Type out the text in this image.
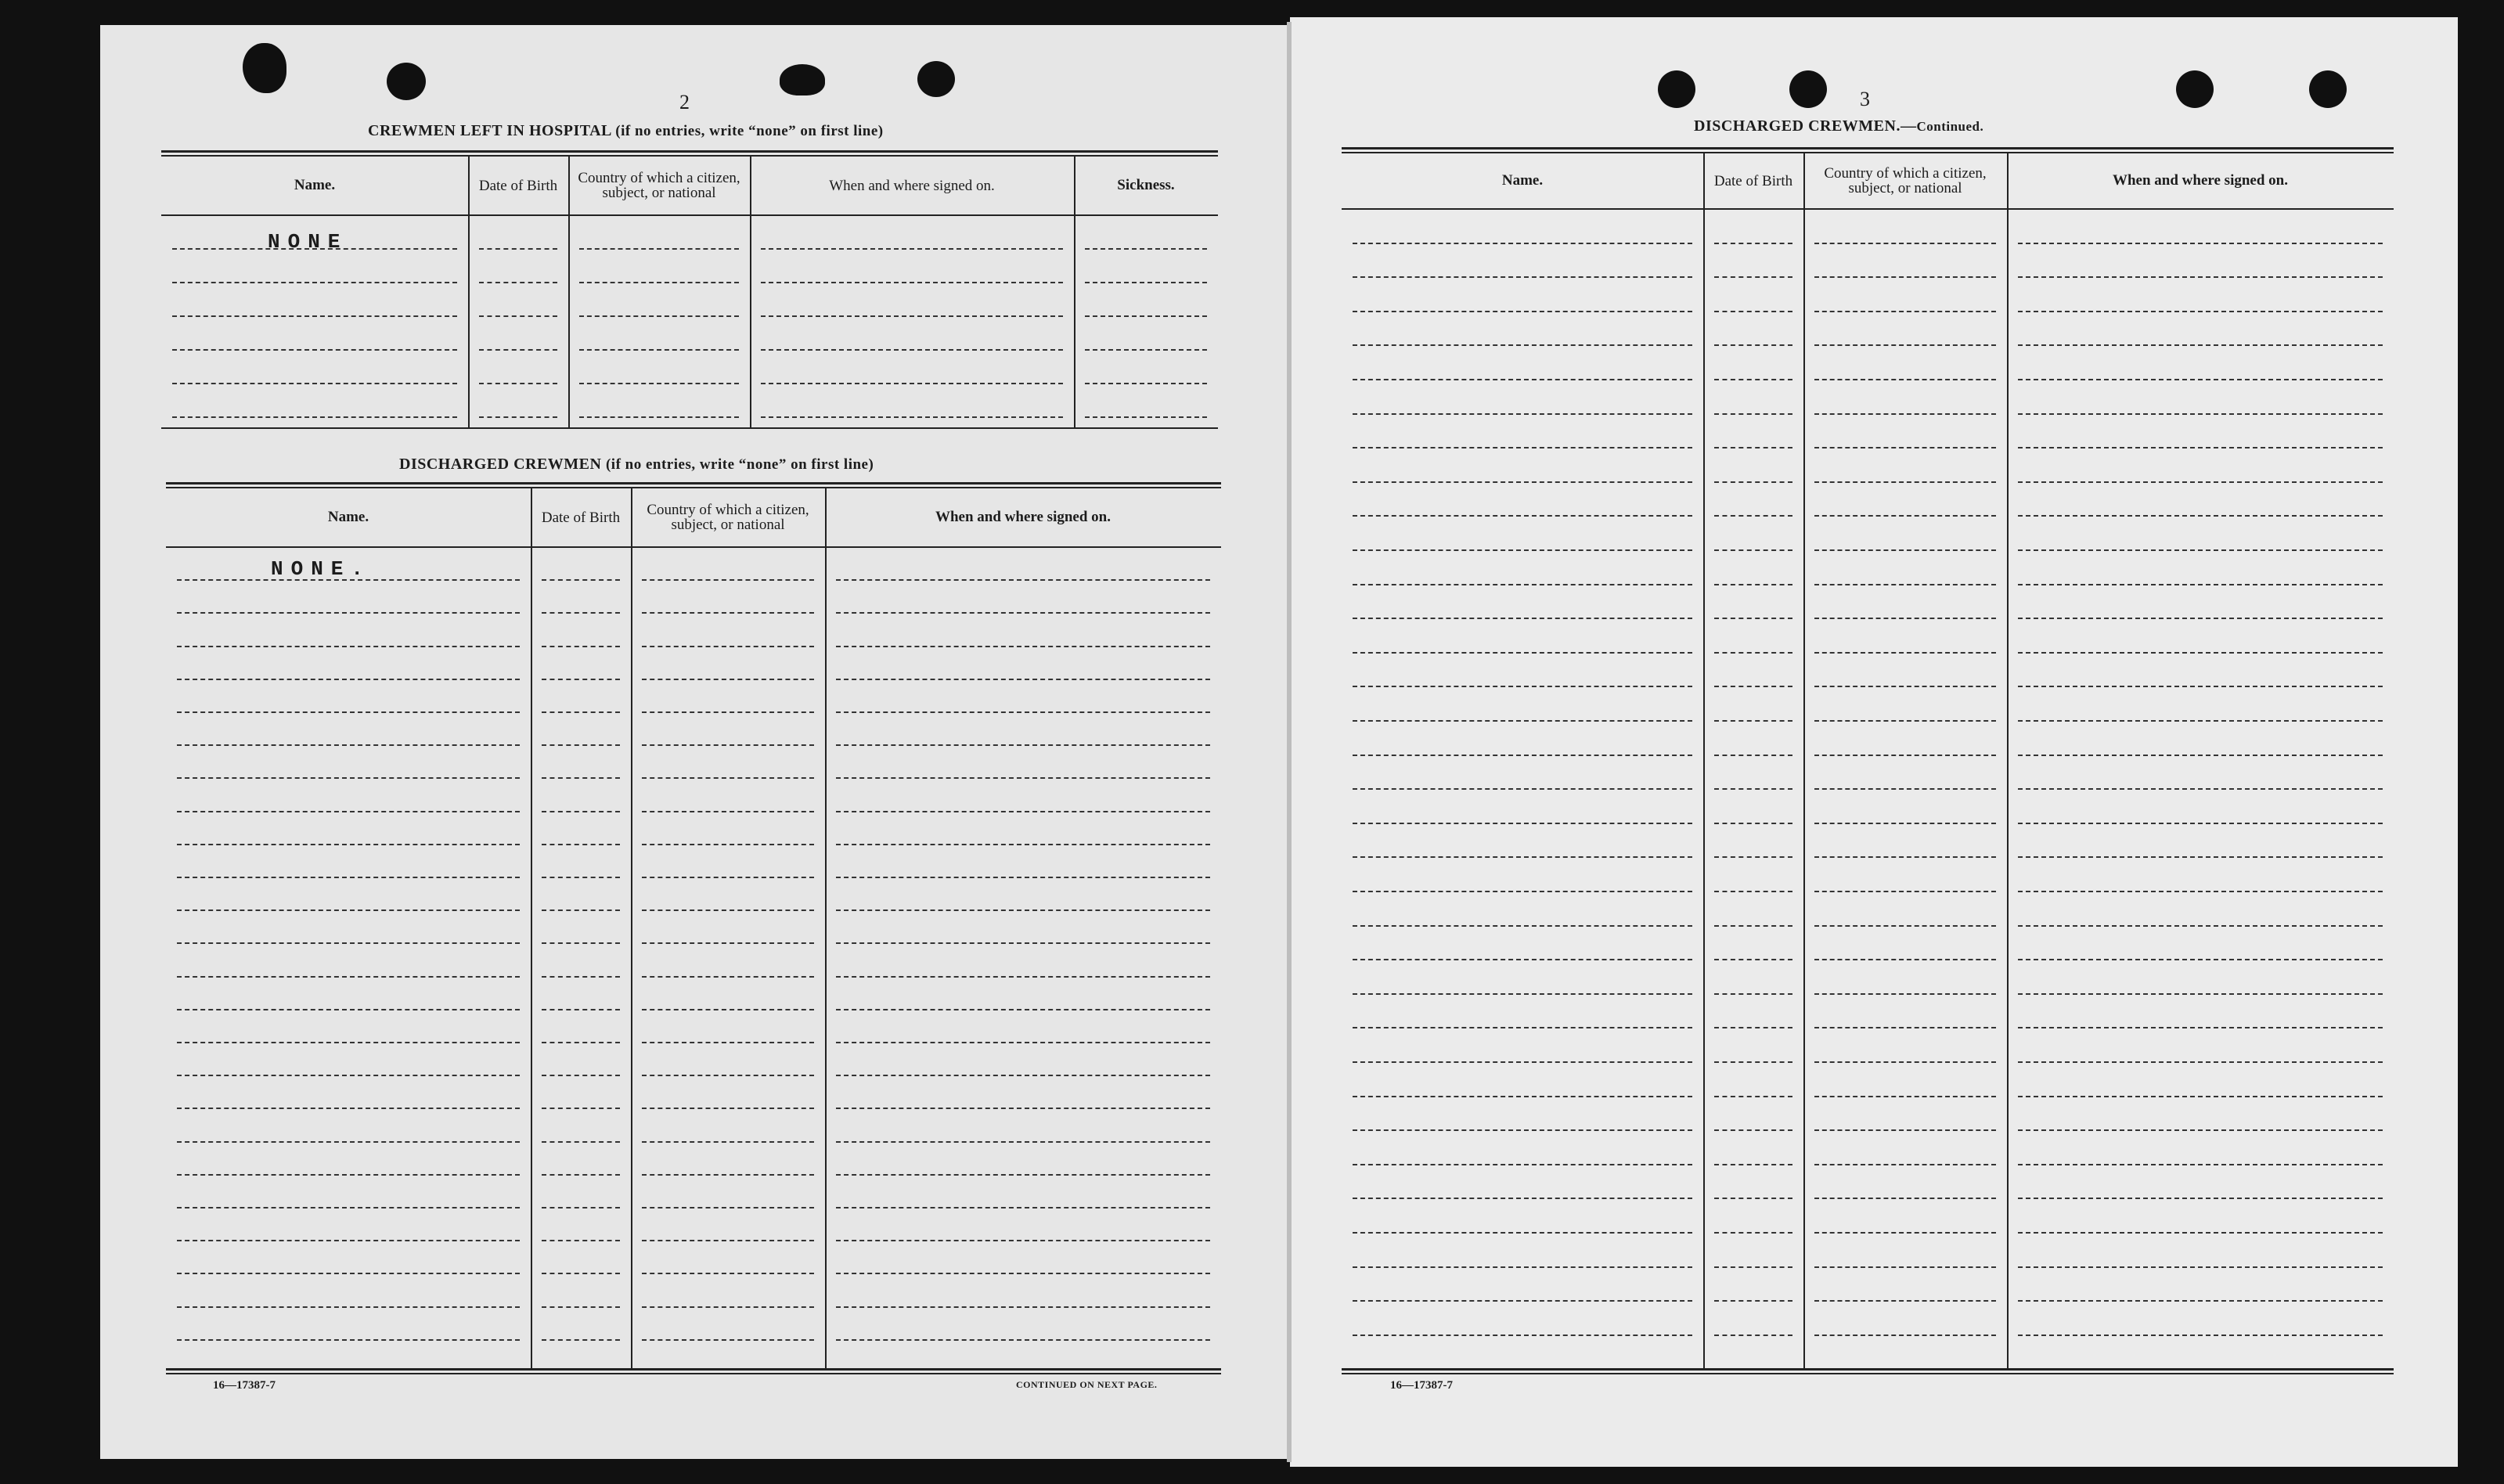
2
CREWMEN LEFT IN HOSPITAL (if no entries, write “none” on first line)
DISCHARGED CREWMEN (if no entries, write “none” on first line)
16—17387-7	CONTINUED ON NEXT PAGE.
3
DISCHARGED CREWMEN.—Continued.
16—17387-7
Name.	Date of Birth	Country of which a citizen, subject, or national	When and where signed on.	Sickness.
NONE
Name.	Date of Birth	Country of which a citizen, subject, or national	When and where signed on.
NONE.
Name.	Date of Birth	Country of which a citizen, subject, or national	When and where signed on.
